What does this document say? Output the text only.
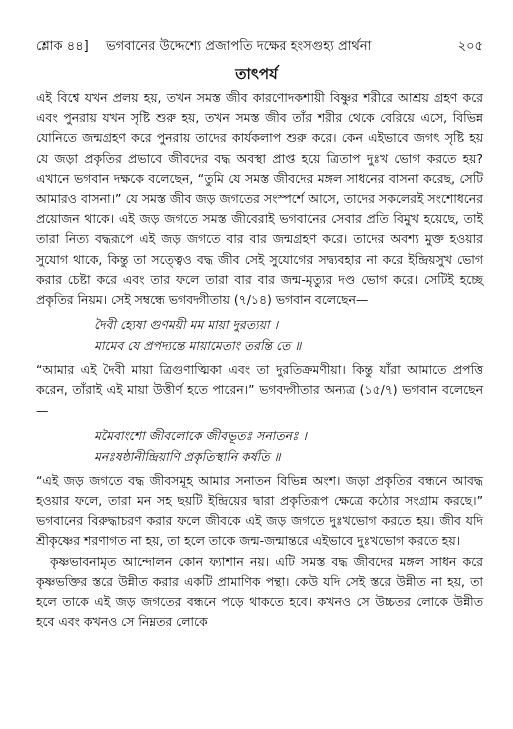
শ্লোক ৪৪] ভগবানের উদ্দেশ্যে প্রজাপতি দক্ষের হংসগুহ্য প্রার্থনা	২০৫
তাৎপর্য

এই বিশ্বে যখন প্রলয় হয়, তখন সমস্ত জীব কারণোদকশায়ী বিষ্ণুর শরীরে আশ্রয় গ্রহণ করে এবং পুনরায় যখন সৃষ্টি শুরু হয়, তখন সমস্ত জীব তাঁর শরীর থেকে বেরিয়ে এসে, বিভিন্ন যোনিতে জন্মগ্রহণ করে পুনরায় তাদের কার্যকলাপ শুরু করে। কেন এইভাবে জগৎ সৃষ্টি হয় যে জড়া প্রকৃতির প্রভাবে জীবদের বদ্ধ অবস্থা প্রাপ্ত হয়ে ত্রিতাপ দুঃখ ভোগ করতে হয়? এখানে ভগবান দক্ষকে বলেছেন, “তুমি যে সমস্ত জীবদের মঙ্গল সাধনের বাসনা করেছ, সেটি আমারও বাসনা।” যে সমস্ত জীব জড় জগতের সংস্পর্শে আসে, তাদের সকলেরই সংশোধনের প্রয়োজন থাকে। এই জড় জগতে সমস্ত জীবেরাই ভগবানের সেবার প্রতি বিমুখ হয়েছে, তাই তারা নিত্য বদ্ধরূপে এই জড় জগতে বার বার জন্মগ্রহণ করে। তাদের অবশ্য মুক্ত হওয়ার সুযোগ থাকে, কিন্তু তা সত্ত্বেও বদ্ধ জীব সেই সুযোগের সদ্ব্যবহার না করে ইন্দ্রিয়সুখ ভোগ করার চেষ্টা করে এবং তার ফলে তারা বার বার জন্ম-মৃত্যুর দণ্ড ভোগ করে। সেটিই হচ্ছে প্রকৃতির নিয়ম। সেই সম্বন্ধে ভগবদ্গীতায় (৭/১৪) ভগবান বলেছেন—

দৈবী হ্যেষা গুণময়ী মম মায়া দুরত্যয়া ।
মামেব যে প্রপদ্যন্তে মায়ামেতাং তরন্তি তে ॥

“আমার এই দৈবী মায়া ত্রিগুণাত্মিকা এবং তা দুরতিক্রমণীয়া। কিন্তু যাঁরা আমাতে প্রপত্তি করেন, তাঁরাই এই মায়া উত্তীর্ণ হতে পারেন।” ভগবদ্গীতার অন্যত্র (১৫/৭) ভগবান বলেছেন—

মমৈবাংশো জীবলোকে জীবভূতঃ সনাতনঃ ।
মনঃষষ্ঠানীন্দ্রিয়াণি প্রকৃতিস্থানি কর্ষতি ॥

“এই জড় জগতে বদ্ধ জীবসমূহ আমার সনাতন বিভিন্ন অংশ। জড়া প্রকৃতির বন্ধনে আবদ্ধ হওয়ার ফলে, তারা মন সহ ছয়টি ইন্দ্রিয়ের দ্বারা প্রকৃতিরূপ ক্ষেত্রে কঠোর সংগ্রাম করছে।” ভগবানের বিরুদ্ধাচরণ করার ফলে জীবকে এই জড় জগতে দুঃখভোগ করতে হয়। জীব যদি শ্রীকৃষ্ণের শরণাগত না হয়, তা হলে তাকে জন্ম-জন্মান্তরে এইভাবে দুঃখভোগ করতে হয়।

কৃষ্ণভাবনামৃত আন্দোলন কোন ফ্যাশান নয়। এটি সমস্ত বদ্ধ জীবদের মঙ্গল সাধন করে কৃষ্ণভক্তির স্তরে উন্নীত করার একটি প্রামাণিক পন্থা। কেউ যদি সেই স্তরে উন্নীত না হয়, তা হলে তাকে এই জড় জগতের বন্ধনে পড়ে থাকতে হবে। কখনও সে উচ্চতর লোকে উন্নীত হবে এবং কখনও সে নিম্নতর লোকে
